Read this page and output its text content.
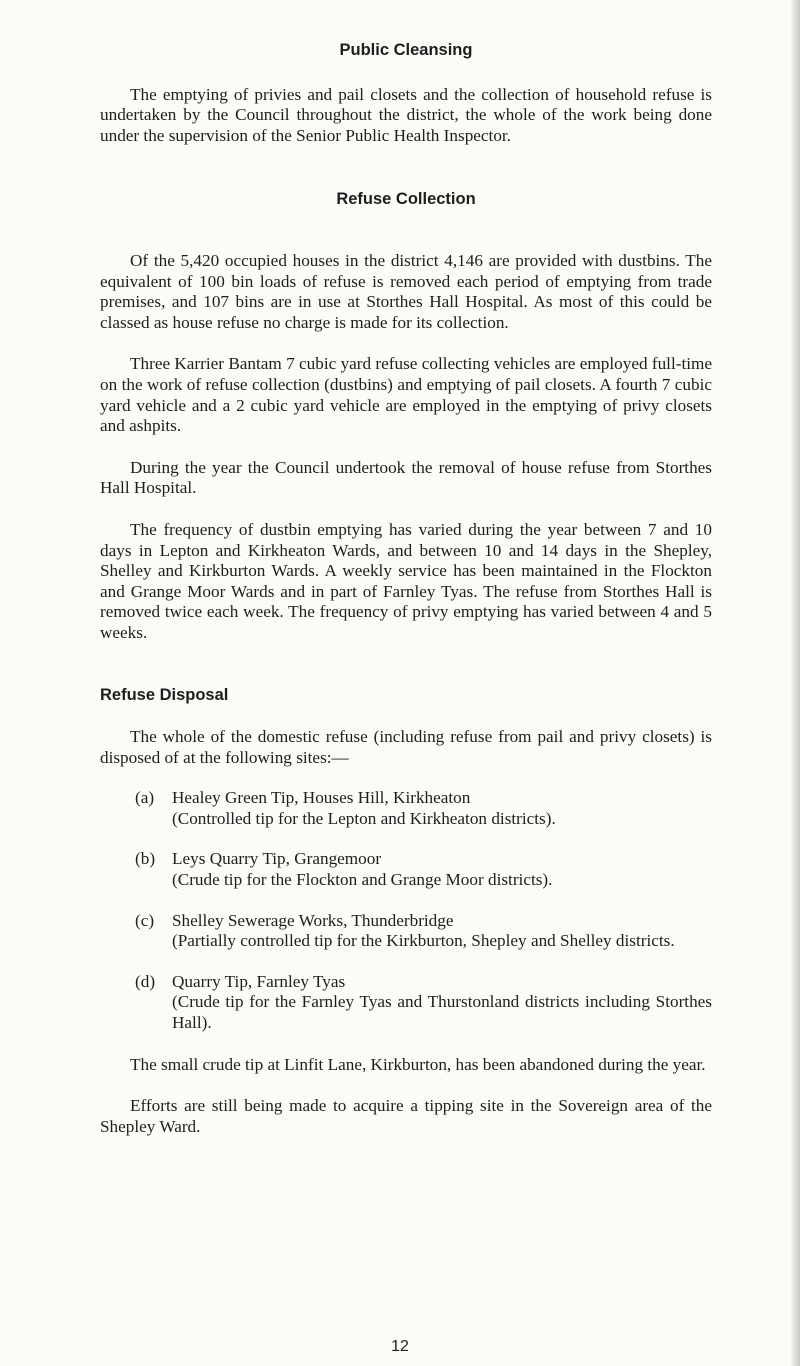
Public Cleansing

The emptying of privies and pail closets and the collection of household refuse is undertaken by the Council throughout the district, the whole of the work being done under the supervision of the Senior Public Health Inspector.

Refuse Collection

Of the 5,420 occupied houses in the district 4,146 are provided with dustbins. The equivalent of 100 bin loads of refuse is removed each period of emptying from trade premises, and 107 bins are in use at Storthes Hall Hospital. As most of this could be classed as house refuse no charge is made for its collection.

Three Karrier Bantam 7 cubic yard refuse collecting vehicles are employed full-time on the work of refuse collection (dustbins) and emptying of pail closets. A fourth 7 cubic yard vehicle and a 2 cubic yard vehicle are employed in the emptying of privy closets and ashpits.

During the year the Council undertook the removal of house refuse from Storthes Hall Hospital.

The frequency of dustbin emptying has varied during the year between 7 and 10 days in Lepton and Kirkheaton Wards, and between 10 and 14 days in the Shepley, Shelley and Kirkburton Wards. A weekly service has been maintained in the Flockton and Grange Moor Wards and in part of Farnley Tyas. The refuse from Storthes Hall is removed twice each week. The frequency of privy emptying has varied between 4 and 5 weeks.

Refuse Disposal

The whole of the domestic refuse (including refuse from pail and privy closets) is disposed of at the following sites:—

(a)	Healey Green Tip, Houses Hill, Kirkheaton
(Controlled tip for the Lepton and Kirkheaton districts).
(b) Leys Quarry Tip, Grangemoor
(Crude tip for the Flockton and Grange Moor districts).
(c)	Shelley Sewerage Works, Thunderbridge
(Partially controlled tip for the Kirkburton, Shepley and Shelley districts.
(d) Quarry Tip, Farnley Tyas
(Crude tip for the Farnley Tyas and Thurstonland districts including Storthes Hall).

The small crude tip at Linfit Lane, Kirkburton, has been abandoned during the year.

Efforts are still being made to acquire a tipping site in the Sovereign area of the Shepley Ward.

12
